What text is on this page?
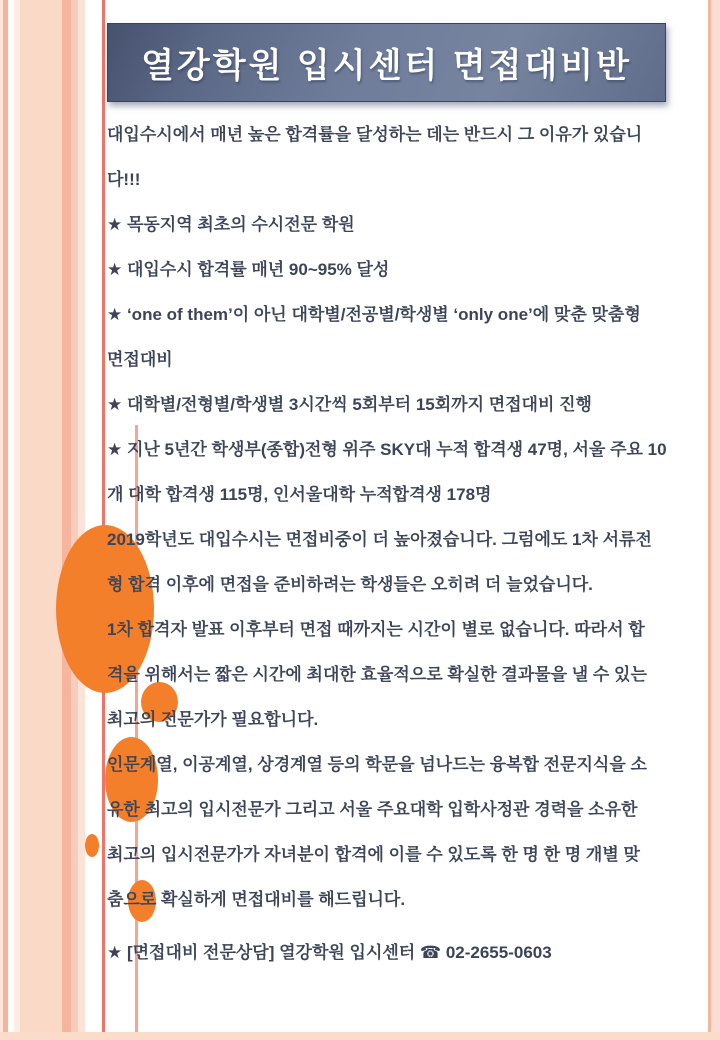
열강학원 입시센터 면접대비반
대입수시에서 매년 높은 합격률을 달성하는 데는 반드시 그 이유가 있습니
다!!!
★ 목동지역 최초의 수시전문 학원
★ 대입수시 합격률 매년 90~95% 달성
★ ‘one of them’이 아닌 대학별/전공별/학생별 ‘only one’에 맞춘 맞춤형
면접대비
★ 대학별/전형별/학생별 3시간씩 5회부터 15회까지 면접대비 진행
★ 지난 5년간 학생부(종합)전형 위주 SKY대 누적 합격생 47명, 서울 주요 10
개 대학 합격생 115명, 인서울대학 누적합격생 178명
2019학년도 대입수시는 면접비중이 더 높아졌습니다. 그럼에도 1차 서류전
형 합격 이후에 면접을 준비하려는 학생들은 오히려 더 늘었습니다.
1차 합격자 발표 이후부터 면접 때까지는 시간이 별로 없습니다. 따라서 합
격을 위해서는 짧은 시간에 최대한 효율적으로 확실한 결과물을 낼 수 있는
최고의 전문가가 필요합니다.
인문계열, 이공계열, 상경계열 등의 학문을 넘나드는 융복합 전문지식을 소
유한 최고의 입시전문가 그리고 서울 주요대학 입학사정관 경력을 소유한
최고의 입시전문가가 자녀분이 합격에 이를 수 있도록 한 명 한 명 개별 맞
춤으로 확실하게 면접대비를 해드립니다.
★ [면접대비 전문상담] 열강학원 입시센터 ☎ 02-2655-0603
